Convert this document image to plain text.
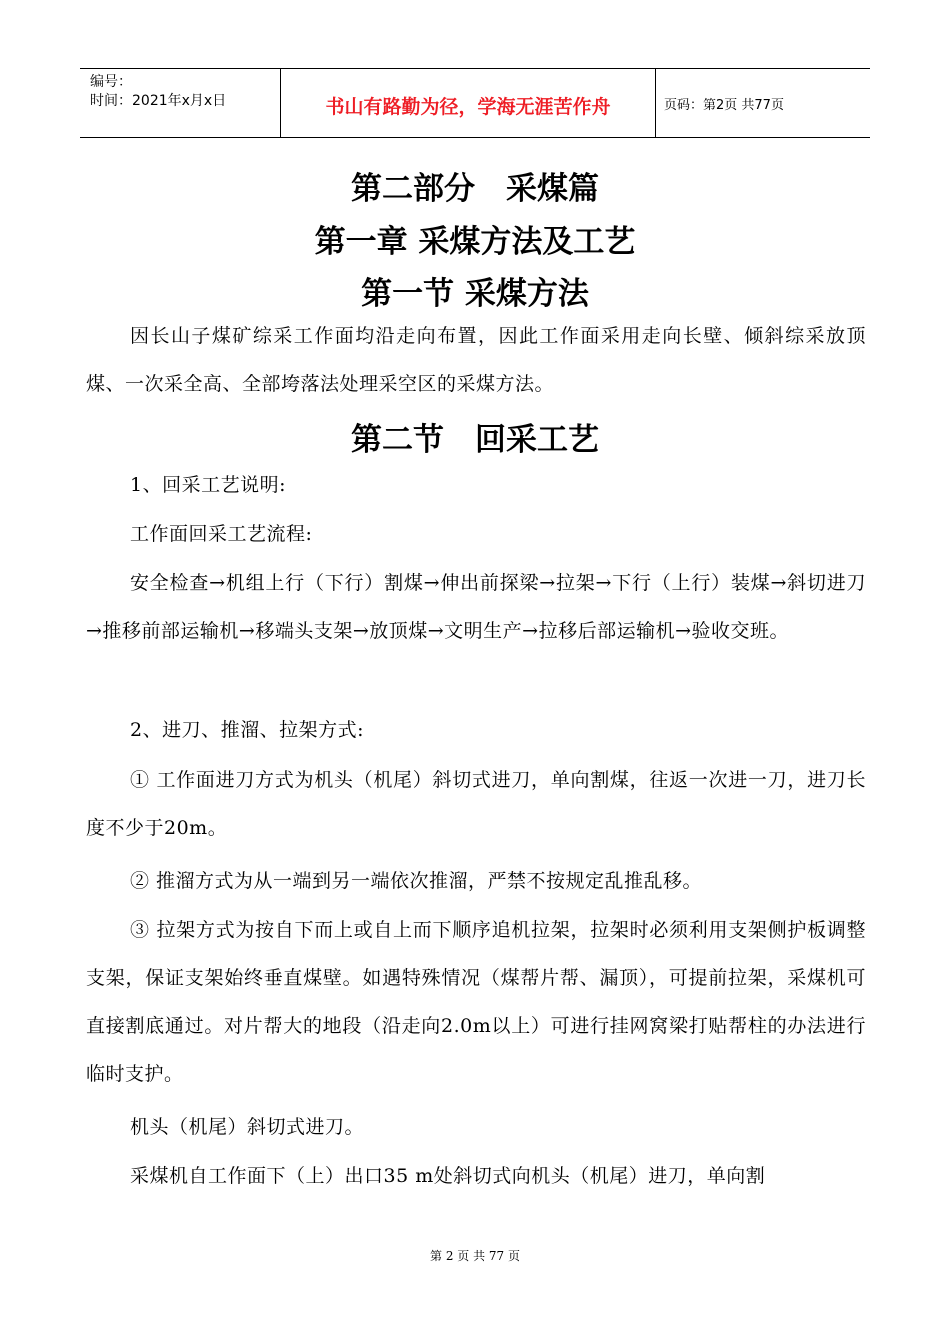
编号：
时间：2021年x月x日	书山有路勤为径，学海无涯苦作舟	页码：第2页 共77页
第二部分　采煤篇
第一章 采煤方法及工艺
第一节 采煤方法

因长山子煤矿综采工作面均沿走向布置，因此工作面采用走向长壁、倾斜综采放顶煤、一次采全高、全部垮落法处理采空区的采煤方法。

第二节　回采工艺

1、回采工艺说明:

工作面回采工艺流程:

安全检查→机组上行（下行）割煤→伸出前探梁→拉架→下行（上行）装煤→斜切进刀→推移前部运输机→移端头支架→放顶煤→文明生产→拉移后部运输机→验收交班。

2、进刀、推溜、拉架方式:

① 工作面进刀方式为机头（机尾）斜切式进刀，单向割煤，往返一次进一刀，进刀长度不少于20m。

② 推溜方式为从一端到另一端依次推溜，严禁不按规定乱推乱移。

③ 拉架方式为按自下而上或自上而下顺序追机拉架，拉架时必须利用支架侧护板调整支架，保证支架始终垂直煤壁。如遇特殊情况（煤帮片帮、漏顶），可提前拉架，采煤机可直接割底通过。对片帮大的地段（沿走向2.0m以上）可进行挂网窝梁打贴帮柱的办法进行临时支护。

机头（机尾）斜切式进刀。

采煤机自工作面下（上）出口35 m处斜切式向机头（机尾）进刀，单向割

第 2 页 共 77 页
